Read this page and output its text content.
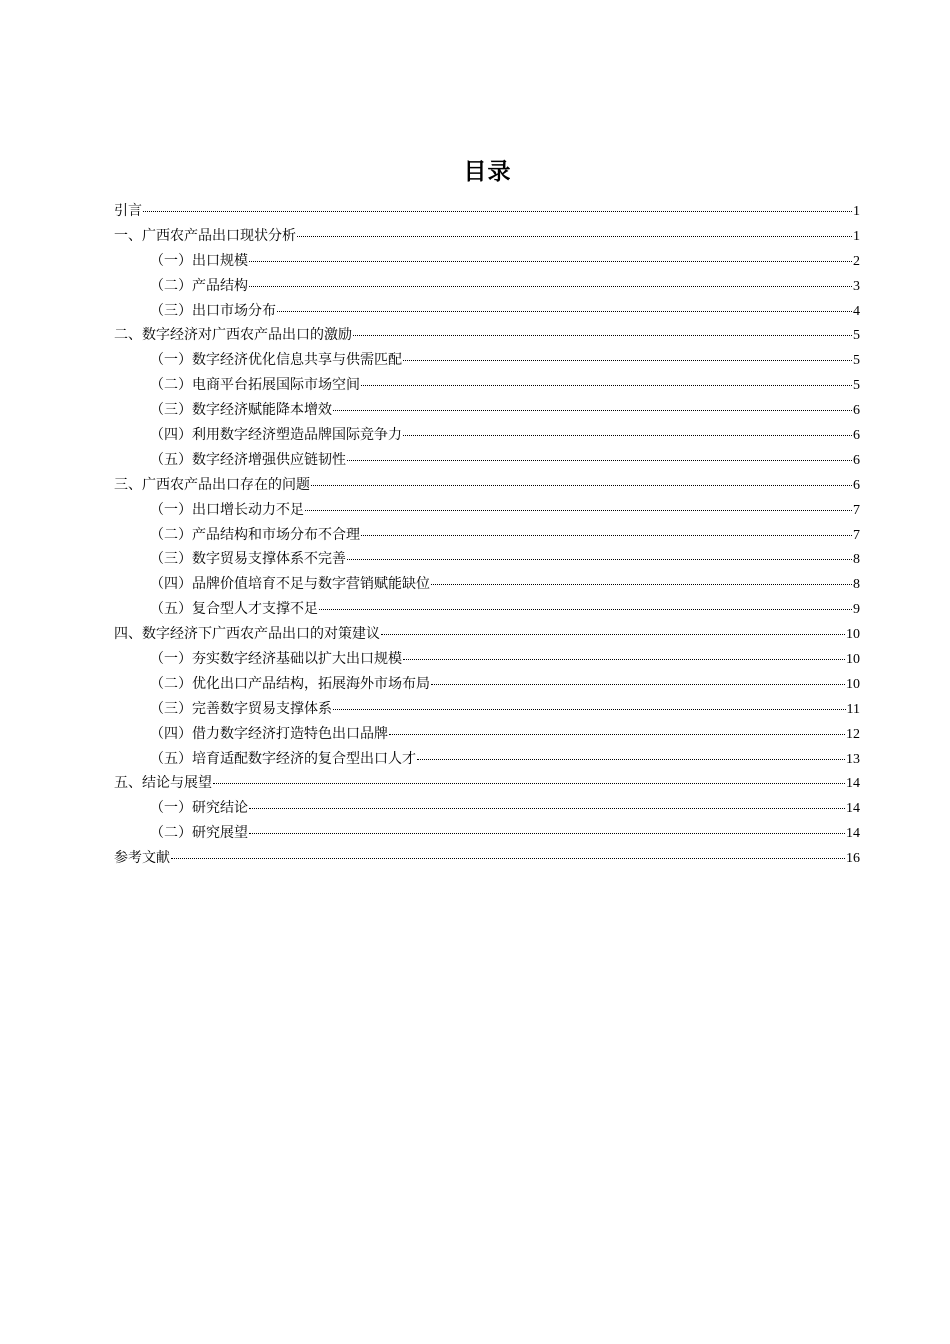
目录
引言	1
一、广西农产品出口现状分析	1
（一）出口规模	2
（二）产品结构	3
（三）出口市场分布	4
二、数字经济对广西农产品出口的激励	5
（一）数字经济优化信息共享与供需匹配	5
（二）电商平台拓展国际市场空间	5
（三）数字经济赋能降本增效	6
（四）利用数字经济塑造品牌国际竞争力	6
（五）数字经济增强供应链韧性	6
三、广西农产品出口存在的问题	6
（一）出口增长动力不足	7
（二）产品结构和市场分布不合理	7
（三）数字贸易支撑体系不完善	8
（四）品牌价值培育不足与数字营销赋能缺位	8
（五）复合型人才支撑不足	9
四、数字经济下广西农产品出口的对策建议	10
（一）夯实数字经济基础以扩大出口规模	10
（二）优化出口产品结构，拓展海外市场布局	10
（三）完善数字贸易支撑体系	11
（四）借力数字经济打造特色出口品牌	12
（五）培育适配数字经济的复合型出口人才	13
五、结论与展望	14
（一）研究结论	14
（二）研究展望	14
参考文献	16
